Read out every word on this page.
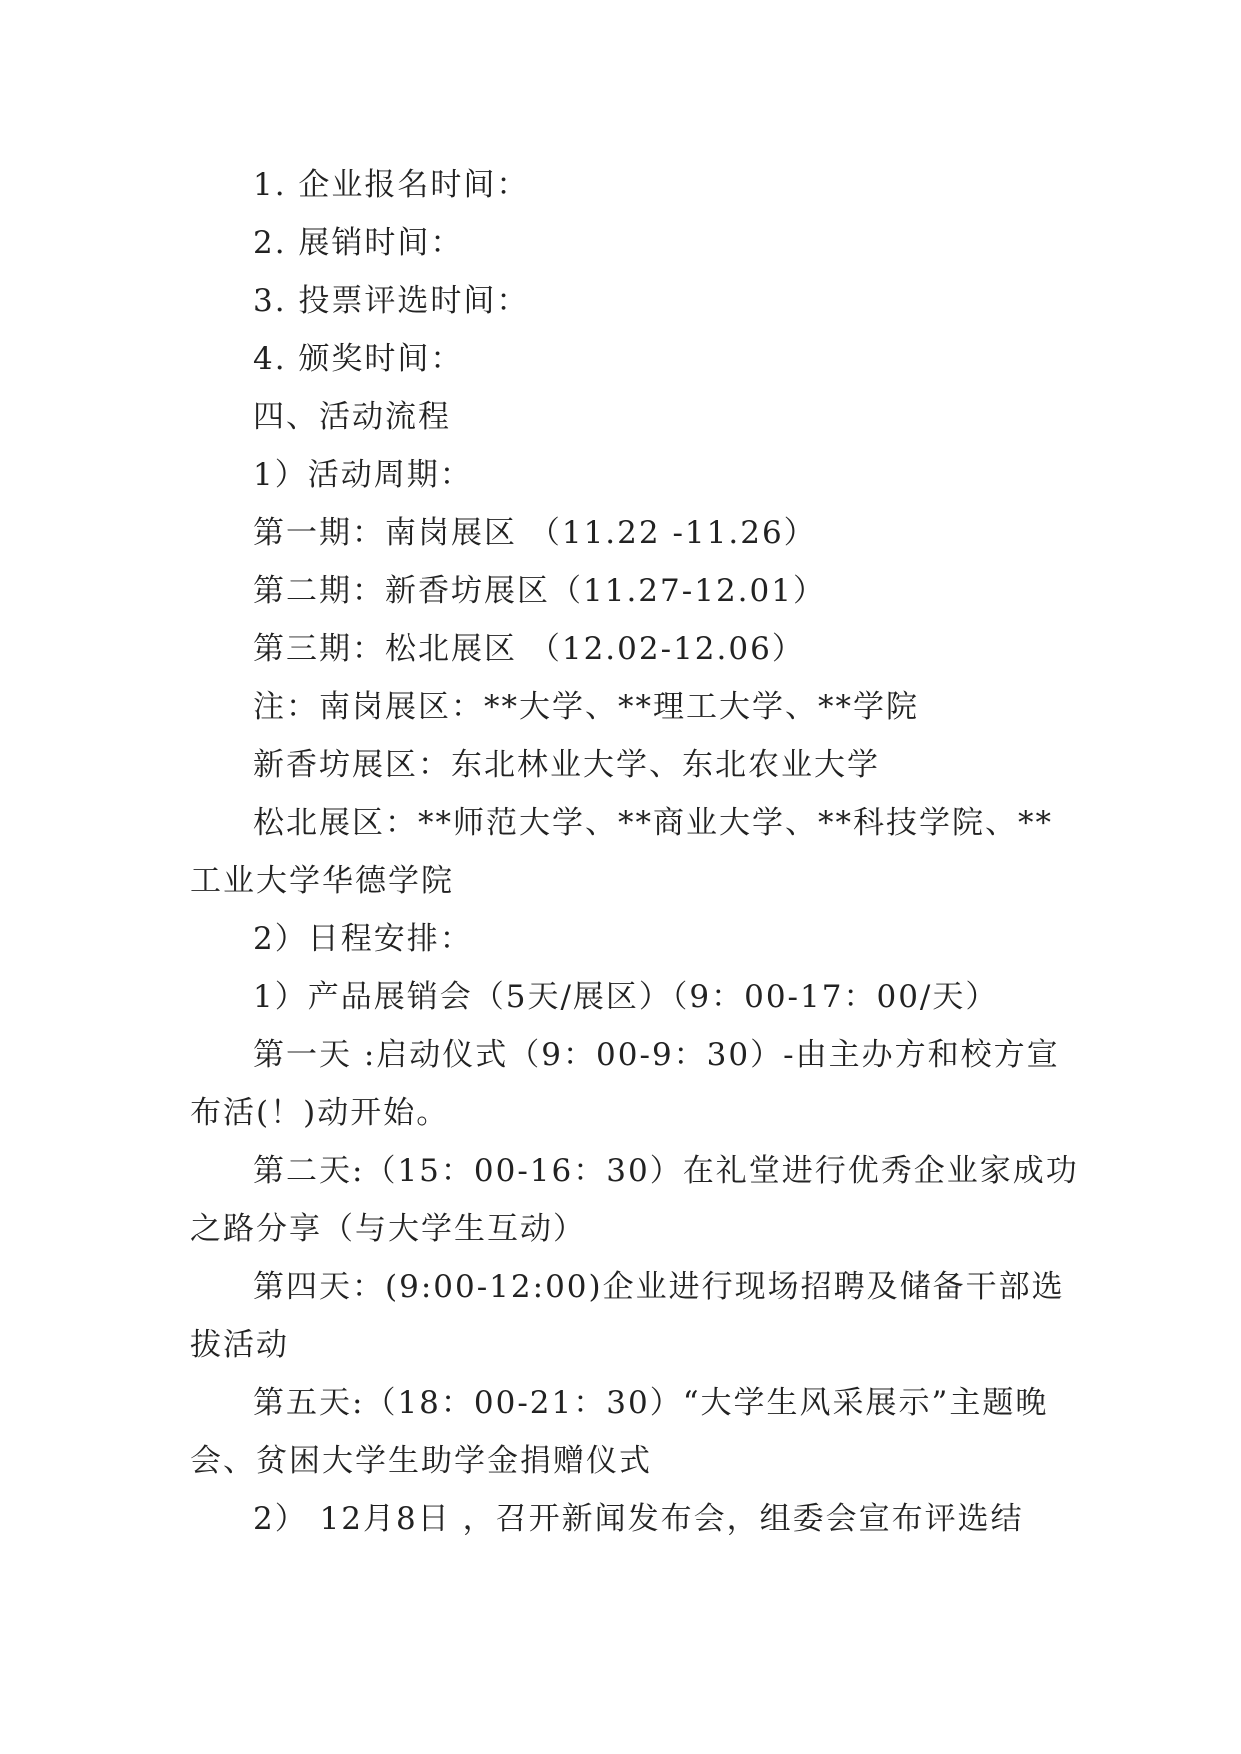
1. 企业报名时间：
2. 展销时间：
3. 投票评选时间：
4. 颁奖时间：
四、活动流程
1）活动周期：
第一期：南岗展区 （11.22 -11.26）
第二期：新香坊展区（11.27-12.01）
第三期：松北展区 （12.02-12.06）
注：南岗展区：**大学、**理工大学、**学院
新香坊展区：东北林业大学、东北农业大学
松北展区：**师范大学、**商业大学、**科技学院、**
工业大学华德学院
2）日程安排：
1）产品展销会（5天/展区）（9：00-17：00/天）
第一天 :启动仪式（9：00-9：30）-由主办方和校方宣
布活(！)动开始。
第二天:（15：00-16：30）在礼堂进行优秀企业家成功
之路分享（与大学生互动）
第四天：(9:00-12:00)企业进行现场招聘及储备干部选
拔活动
第五天:（18：00-21：30）“大学生风采展示”主题晚
会、贫困大学生助学金捐赠仪式
2） 12月8日 ，召开新闻发布会，组委会宣布评选结
